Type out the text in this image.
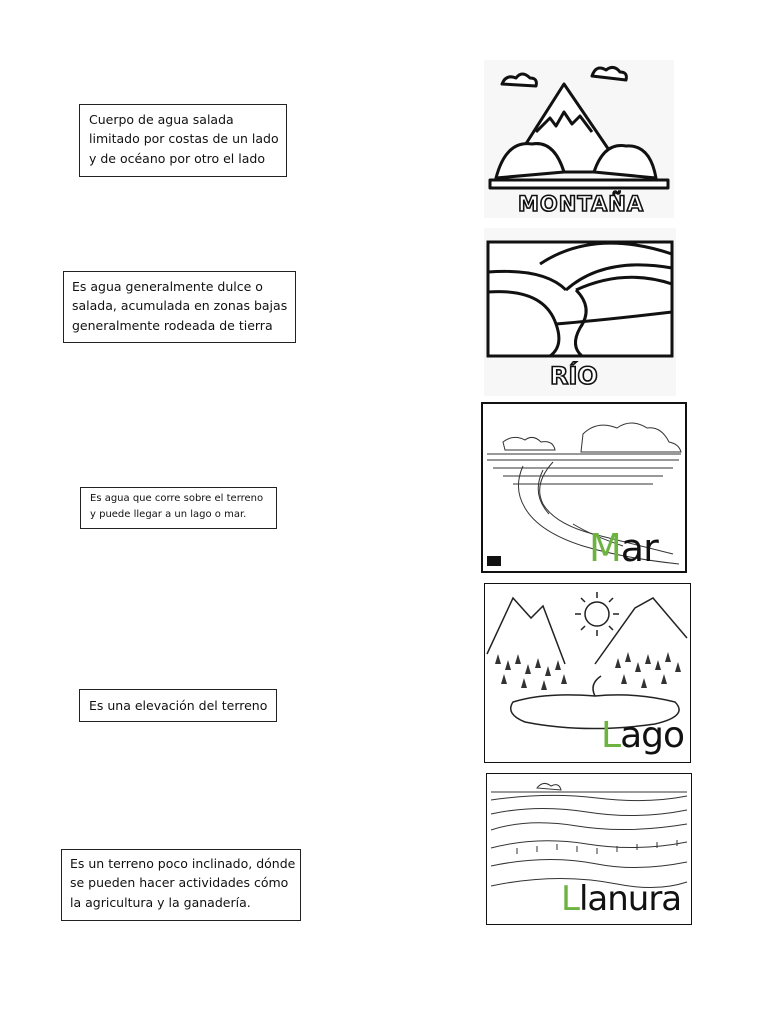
Cuerpo de agua salada
limitado por costas de un lado
y de océano por otro el lado
Es agua generalmente dulce o
salada, acumulada en zonas bajas
generalmente rodeada de tierra
Es agua que corre sobre el terreno
y puede llegar a un lago o mar.
Es una elevación del terreno
Es un terreno poco inclinado, dónde
se pueden hacer actividades cómo
la agricultura y la ganadería.
MONTAÑA
RÍO
Mar
Lago
Llanura
